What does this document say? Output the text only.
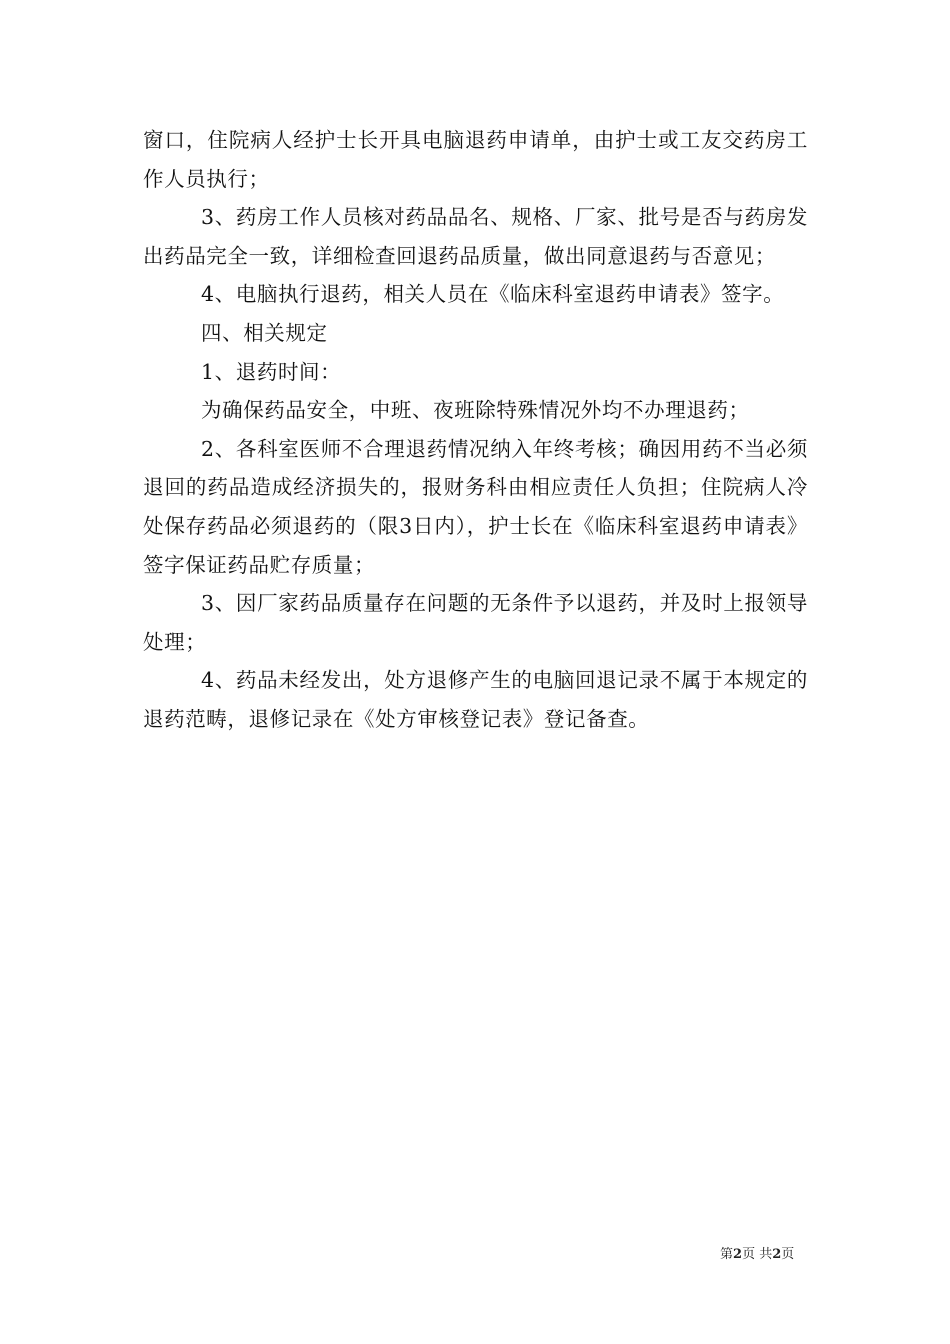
窗口，住院病人经护士长开具电脑退药申请单，由护士或工友交药房工作人员执行；

3、药房工作人员核对药品品名、规格、厂家、批号是否与药房发出药品完全一致，详细检查回退药品质量，做出同意退药与否意见；

4、电脑执行退药，相关人员在《临床科室退药申请表》签字。

四、相关规定

1、退药时间：

为确保药品安全，中班、夜班除特殊情况外均不办理退药；

2、各科室医师不合理退药情况纳入年终考核；确因用药不当必须退回的药品造成经济损失的，报财务科由相应责任人负担；住院病人冷处保存药品必须退药的（限3日内），护士长在《临床科室退药申请表》签字保证药品贮存质量；

3、因厂家药品质量存在问题的无条件予以退药，并及时上报领导处理；

4、药品未经发出，处方退修产生的电脑回退记录不属于本规定的退药范畴，退修记录在《处方审核登记表》登记备查。

第2页 共2页
